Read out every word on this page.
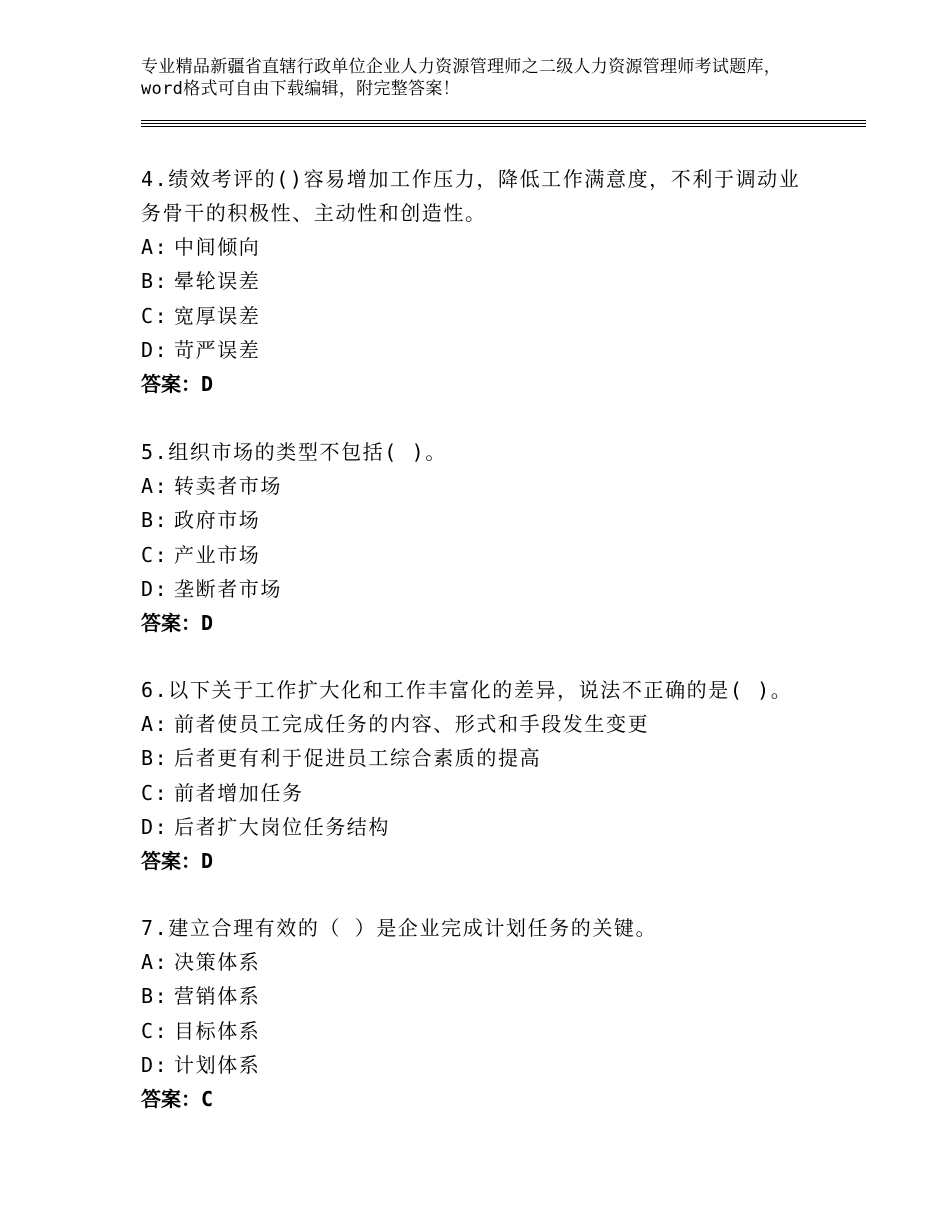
专业精品新疆省直辖行政单位企业人力资源管理师之二级人力资源管理师考试题库，word格式可自由下载编辑，附完整答案！

4.绩效考评的()容易增加工作压力，降低工作满意度，不利于调动业务骨干的积极性、主动性和创造性。

A: 中间倾向

B: 晕轮误差

C: 宽厚误差

D: 苛严误差

答案：D

5.组织市场的类型不包括( )。

A: 转卖者市场

B: 政府市场

C: 产业市场

D: 垄断者市场

答案：D

6.以下关于工作扩大化和工作丰富化的差异，说法不正确的是( )。

A: 前者使员工完成任务的内容、形式和手段发生变更

B: 后者更有利于促进员工综合素质的提高

C: 前者增加任务

D: 后者扩大岗位任务结构

答案：D

7.建立合理有效的（ ）是企业完成计划任务的关键。

A: 决策体系

B: 营销体系

C: 目标体系

D: 计划体系

答案：C
